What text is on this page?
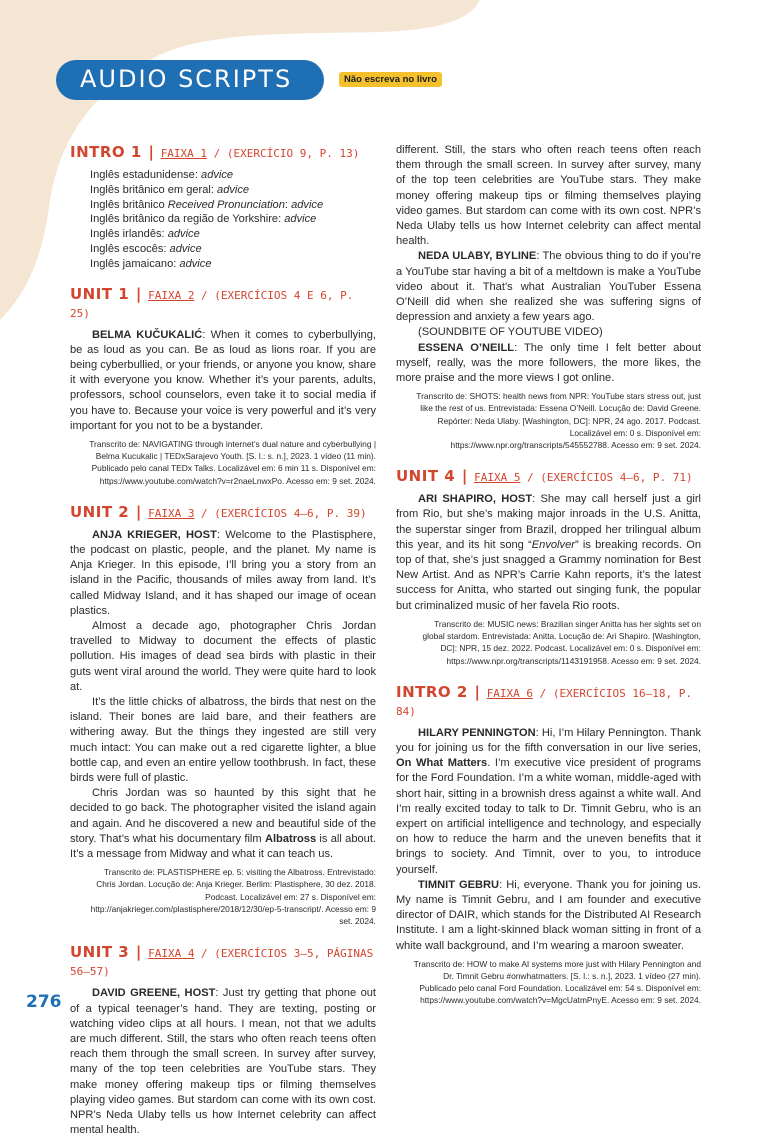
AUDIO SCRIPTS	Não escreva no livro
INTRO 1 | FAIXA 1 / (EXERCÍCIO 9, P. 13)
Inglês estadunidense: advice
Inglês britânico em geral: advice
Inglês britânico Received Pronunciation: advice
Inglês britânico da região de Yorkshire: advice
Inglês irlandês: advice
Inglês escocês: advice
Inglês jamaicano: advice
UNIT 1 | FAIXA 2 / (EXERCÍCIOS 4 E 6, P. 25)

BELMA KUČUKALIĆ: When it comes to cyberbullying, be as loud as you can. Be as loud as lions roar. If you are being cyberbullied, or your friends, or anyone you know, share it with everyone you know. Whether it’s your parents, adults, professors, school counselors, even take it to social media if you have to. Because your voice is very powerful and it’s very important for you not to be a bystander.

Transcrito de: NAVIGATING through internet’s dual nature and cyberbullying | Belma Kucukalic | TEDxSarajevo Youth. [S. l.: s. n.], 2023. 1 vídeo (11 min). Publicado pelo canal TEDx Talks. Localizável em: 6 min 11 s. Disponível em: https://www.youtube.com/watch?v=r2naeLnwxPo. Acesso em: 9 set. 2024.
UNIT 2 | FAIXA 3 / (EXERCÍCIOS 4–6, P. 39)

ANJA KRIEGER, HOST: Welcome to the Plastisphere, the podcast on plastic, people, and the planet. My name is Anja Krieger. In this episode, I’ll bring you a story from an island in the Pacific, thousands of miles away from land. It’s called Midway Island, and it has shaped our image of ocean plastics.

Almost a decade ago, photographer Chris Jordan travelled to Midway to document the effects of plastic pollution. His images of dead sea birds with plastic in their guts went viral around the world. They were quite hard to look at.

It’s the little chicks of albatross, the birds that nest on the island. Their bones are laid bare, and their feathers are withering away. But the things they ingested are still very much intact: You can make out a red cigarette lighter, a blue bottle cap, and even an entire yellow toothbrush. In fact, these birds were full of plastic.

Chris Jordan was so haunted by this sight that he decided to go back. The photographer visited the island again and again. And he discovered a new and beautiful side of the story. That’s what his documentary film Albatross is all about. It’s a message from Midway and what it can teach us.

Transcrito de: PLASTISPHERE ep. 5: visiting the Albatross. Entrevistado: Chris Jordan. Locução de: Anja Krieger. Berlim: Plastisphere, 30 dez. 2018. Podcast. Localizável em: 27 s. Disponível em: http://anjakrieger.com/plastisphere/2018/12/30/ep-5-transcript/. Acesso em: 9 set. 2024.
UNIT 3 | FAIXA 4 / (EXERCÍCIOS 3–5, PÁGINAS 56–57)

DAVID GREENE, HOST: Just try getting that phone out of a typical teenager’s hand. They are texting, posting or watching video clips at all hours. I mean, not that we adults are much different. Still, the stars who often reach teens often reach them through the small screen. In survey after survey, many of the top teen celebrities are YouTube stars. They make money offering makeup tips or filming themselves playing video games. But stardom can come with its own cost. NPR’s Neda Ulaby tells us how Internet celebrity can affect mental health.

different. Still, the stars who often reach teens often reach them through the small screen. In survey after survey, many of the top teen celebrities are YouTube stars. They make money offering makeup tips or filming themselves playing video games. But stardom can come with its own cost. NPR’s Neda Ulaby tells us how Internet celebrity can affect mental health.

NEDA ULABY, BYLINE: The obvious thing to do if you’re a YouTube star having a bit of a meltdown is make a YouTube video about it. That’s what Australian YouTuber Essena O’Neill did when she realized she was suffering signs of depression and anxiety a few years ago.

(SOUNDBITE OF YOUTUBE VIDEO)

ESSENA O’NEILL: The only time I felt better about myself, really, was the more followers, the more likes, the more praise and the more views I got online.

Transcrito de: SHOTS: health news from NPR: YouTube stars stress out, just like the rest of us. Entrevistada: Essena O’Neill. Locução de: David Greene. Repórter: Neda Ulaby. [Washington, DC]: NPR, 24 ago. 2017. Podcast. Localizável em: 0 s. Disponível em: https://www.npr.org/transcripts/545552788. Acesso em: 9 set. 2024.
UNIT 4 | FAIXA 5 / (EXERCÍCIOS 4–6, P. 71)

ARI SHAPIRO, HOST: She may call herself just a girl from Rio, but she’s making major inroads in the U.S. Anitta, the superstar singer from Brazil, dropped her trilingual album this year, and its hit song “Envolver” is breaking records. On top of that, she’s just snagged a Grammy nomination for Best New Artist. And as NPR’s Carrie Kahn reports, it’s the latest success for Anitta, who started out singing funk, the popular but criminalized music of her favela Rio roots.

Transcrito de: MUSIC news: Brazilian singer Anitta has her sights set on global stardom. Entrevistada: Anitta. Locução de: Ari Shapiro. [Washington, DC]: NPR, 15 dez. 2022. Podcast. Localizável em: 0 s. Disponível em: https://www.npr.org/transcripts/1143191958. Acesso em: 9 set. 2024.
INTRO 2 | FAIXA 6 / (EXERCÍCIOS 16–18, P. 84)

HILARY PENNINGTON: Hi, I’m Hilary Pennington. Thank you for joining us for the fifth conversation in our live series, On What Matters. I’m executive vice president of programs for the Ford Foundation. I’m a white woman, middle-aged with short hair, sitting in a brownish dress against a white wall. And I’m really excited today to talk to Dr. Timnit Gebru, who is an expert on artificial intelligence and technology, and especially on how to reduce the harm and the uneven benefits that it brings to society. And Timnit, over to you, to introduce yourself.

TIMNIT GEBRU: Hi, everyone. Thank you for joining us. My name is Timnit Gebru, and I am founder and executive director of DAIR, which stands for the Distributed AI Research Institute. I am a light-skinned black woman sitting in front of a white wall background, and I’m wearing a maroon sweater.

Transcrito de: HOW to make AI systems more just with Hilary Pennington and Dr. Timnit Gebru #onwhatmatters. [S. l.: s. n.], 2023. 1 vídeo (27 min). Publicado pelo canal Ford Foundation. Localizável em: 54 s. Disponível em: https://www.youtube.com/watch?v=MgcUatmPnyE. Acesso em: 9 set. 2024.
276
